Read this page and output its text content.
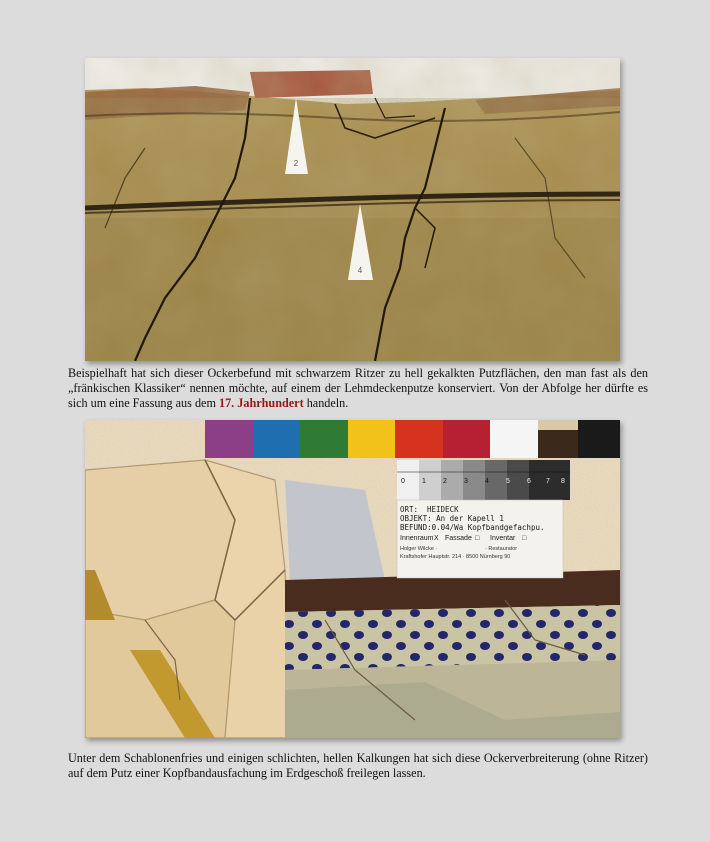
2
4

Beispielhaft hat sich dieser Ockerbefund mit schwarzem Ritzer zu hell gekalkten Putzflächen, den man fast als den „fränkischen Klassiker“ nennen möchte, auf einem der Lehmdeckenputze konserviert. Von der Abfolge her dürfte es sich um eine Fassung aus dem 17. Jahrhundert handeln.

0 1 2 3 4 5 6 7 8
ORT: HEIDECK
OBJEKT: An der Kapell 1
BEFUND:0.04/Wa Kopfbandgefachpu.
Innenraum X Fassade □ Inventar □
Holger Wilcke ·	· Restaurator
Kraftshofer Hauptstr. 214 · 8500 Nürnberg 90

Unter dem Schablonenfries und einigen schlichten, hellen Kalkungen hat sich diese Ockerverbreiterung (ohne Ritzer) auf dem Putz einer Kopfbandausfachung im Erdgeschoß freilegen lassen.
